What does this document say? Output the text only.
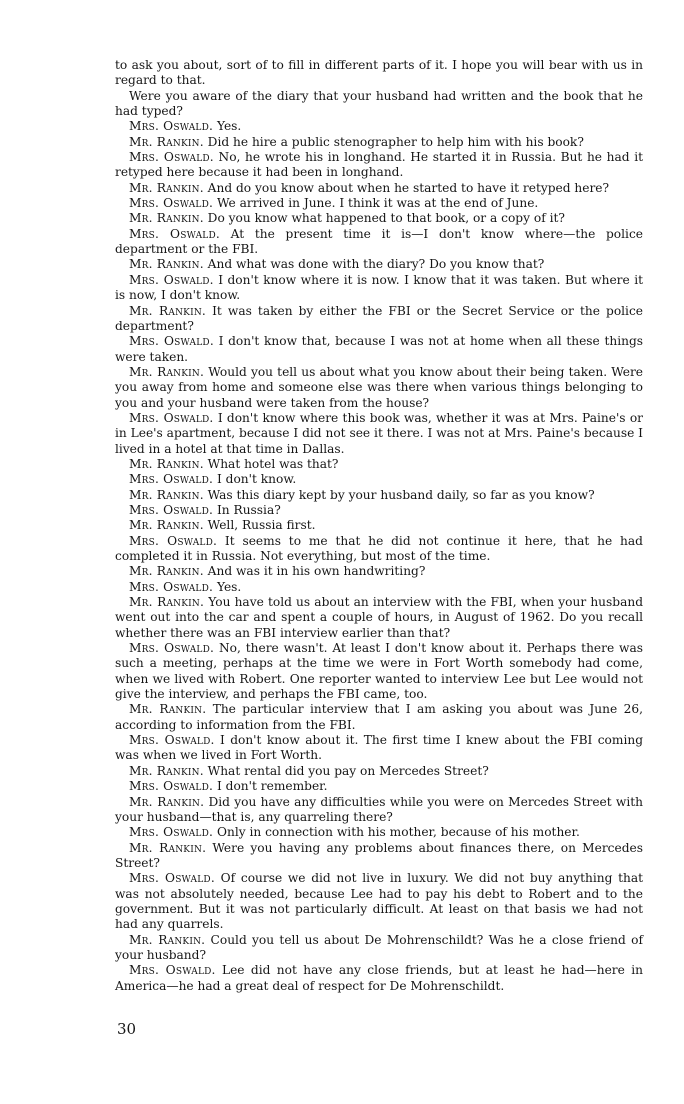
to ask you about, sort of to fill in different parts of it. I hope you will bear with us in regard to that.

Were you aware of the diary that your husband had written and the book that he had typed?

Mrs. Oswald. Yes.

Mr. Rankin. Did he hire a public stenographer to help him with his book?

Mrs. Oswald. No, he wrote his in longhand. He started it in Russia. But he had it retyped here because it had been in longhand.

Mr. Rankin. And do you know about when he started to have it retyped here?

Mrs. Oswald. We arrived in June. I think it was at the end of June.

Mr. Rankin. Do you know what happened to that book, or a copy of it?

Mrs. Oswald. At the present time it is—I don't know where—the police department or the FBI.

Mr. Rankin. And what was done with the diary? Do you know that?

Mrs. Oswald. I don't know where it is now. I know that it was taken. But where it is now, I don't know.

Mr. Rankin. It was taken by either the FBI or the Secret Service or the police department?

Mrs. Oswald. I don't know that, because I was not at home when all these things were taken.

Mr. Rankin. Would you tell us about what you know about their being taken. Were you away from home and someone else was there when various things belonging to you and your husband were taken from the house?

Mrs. Oswald. I don't know where this book was, whether it was at Mrs. Paine's or in Lee's apartment, because I did not see it there. I was not at Mrs. Paine's because I lived in a hotel at that time in Dallas.

Mr. Rankin. What hotel was that?

Mrs. Oswald. I don't know.

Mr. Rankin. Was this diary kept by your husband daily, so far as you know?

Mrs. Oswald. In Russia?

Mr. Rankin. Well, Russia first.

Mrs. Oswald. It seems to me that he did not continue it here, that he had completed it in Russia. Not everything, but most of the time.

Mr. Rankin. And was it in his own handwriting?

Mrs. Oswald. Yes.

Mr. Rankin. You have told us about an interview with the FBI, when your husband went out into the car and spent a couple of hours, in August of 1962. Do you recall whether there was an FBI interview earlier than that?

Mrs. Oswald. No, there wasn't. At least I don't know about it. Perhaps there was such a meeting, perhaps at the time we were in Fort Worth somebody had come, when we lived with Robert. One reporter wanted to interview Lee but Lee would not give the interview, and perhaps the FBI came, too.

Mr. Rankin. The particular interview that I am asking you about was June 26, according to information from the FBI.

Mrs. Oswald. I don't know about it. The first time I knew about the FBI coming was when we lived in Fort Worth.

Mr. Rankin. What rental did you pay on Mercedes Street?

Mrs. Oswald. I don't remember.

Mr. Rankin. Did you have any difficulties while you were on Mercedes Street with your husband—that is, any quarreling there?

Mrs. Oswald. Only in connection with his mother, because of his mother.

Mr. Rankin. Were you having any problems about finances there, on Mercedes Street?

Mrs. Oswald. Of course we did not live in luxury. We did not buy anything that was not absolutely needed, because Lee had to pay his debt to Robert and to the government. But it was not particularly difficult. At least on that basis we had not had any quarrels.

Mr. Rankin. Could you tell us about De Mohrenschildt? Was he a close friend of your husband?

Mrs. Oswald. Lee did not have any close friends, but at least he had—here in America—he had a great deal of respect for De Mohrenschildt.

30
